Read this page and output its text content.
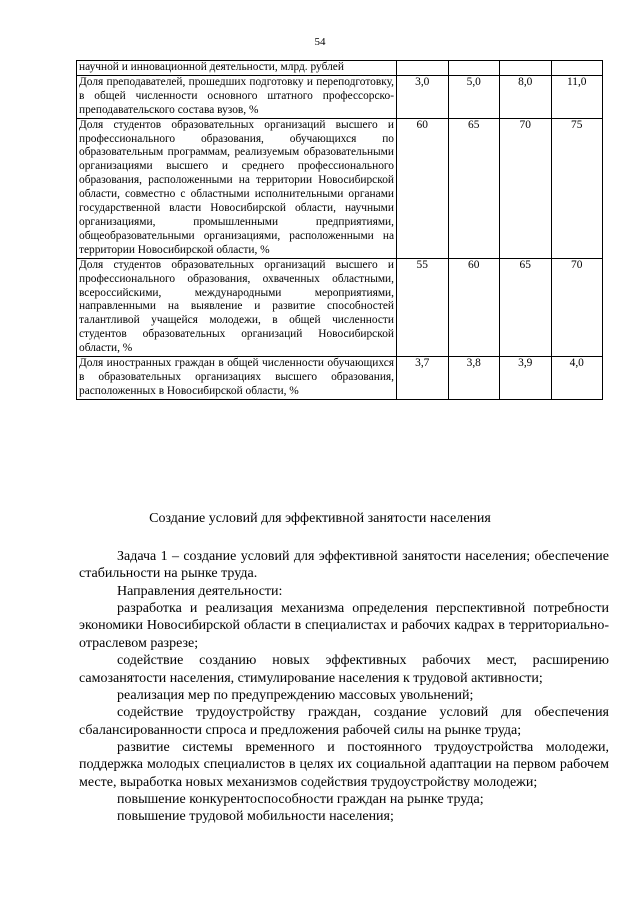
54
научной и инновационной деятельности, млрд. рублей				
Доля преподавателей, прошедших подготовку и переподготовку, в общей численности основного штатного профессорско-преподавательского состава вузов, %	3,0	5,0	8,0	11,0
Доля студентов образовательных организаций высшего и профессионального образования, обучающихся по образовательным программам, реализуемым образовательными организациями высшего и среднего профессионального образования, расположенными на территории Новосибирской области, совместно с областными исполнительными органами государственной власти Новосибирской области, научными организациями, промышленными предприятиями, общеобразовательными организациями, расположенными на территории Новосибирской области, %	60	65	70	75
Доля студентов образовательных организаций высшего и профессионального образования, охваченных областными, всероссийскими, международными мероприятиями, направленными на выявление и развитие способностей талантливой учащейся молодежи, в общей численности студентов образовательных организаций Новосибирской области, %	55	60	65	70
Доля иностранных граждан в общей численности обучающихся в образовательных организациях высшего образования, расположенных в Новосибирской области, %	3,7	3,8	3,9	4,0
Создание условий для эффективной занятости населения

Задача 1 – создание условий для эффективной занятости населения; обеспечение стабильности на рынке труда.

Направления деятельности:

разработка и реализация механизма определения перспективной потребности экономики Новосибирской области в специалистах и рабочих кадрах в территориально-отраслевом разрезе;

содействие созданию новых эффективных рабочих мест, расширению самозанятости населения, стимулирование населения к трудовой активности;

реализация мер по предупреждению массовых увольнений;

содействие трудоустройству граждан, создание условий для обеспечения сбалансированности спроса и предложения рабочей силы на рынке труда;

развитие системы временного и постоянного трудоустройства молодежи, поддержка молодых специалистов в целях их социальной адаптации на первом рабочем месте, выработка новых механизмов содействия трудоустройству молодежи;

повышение конкурентоспособности граждан на рынке труда;

повышение трудовой мобильности населения;
